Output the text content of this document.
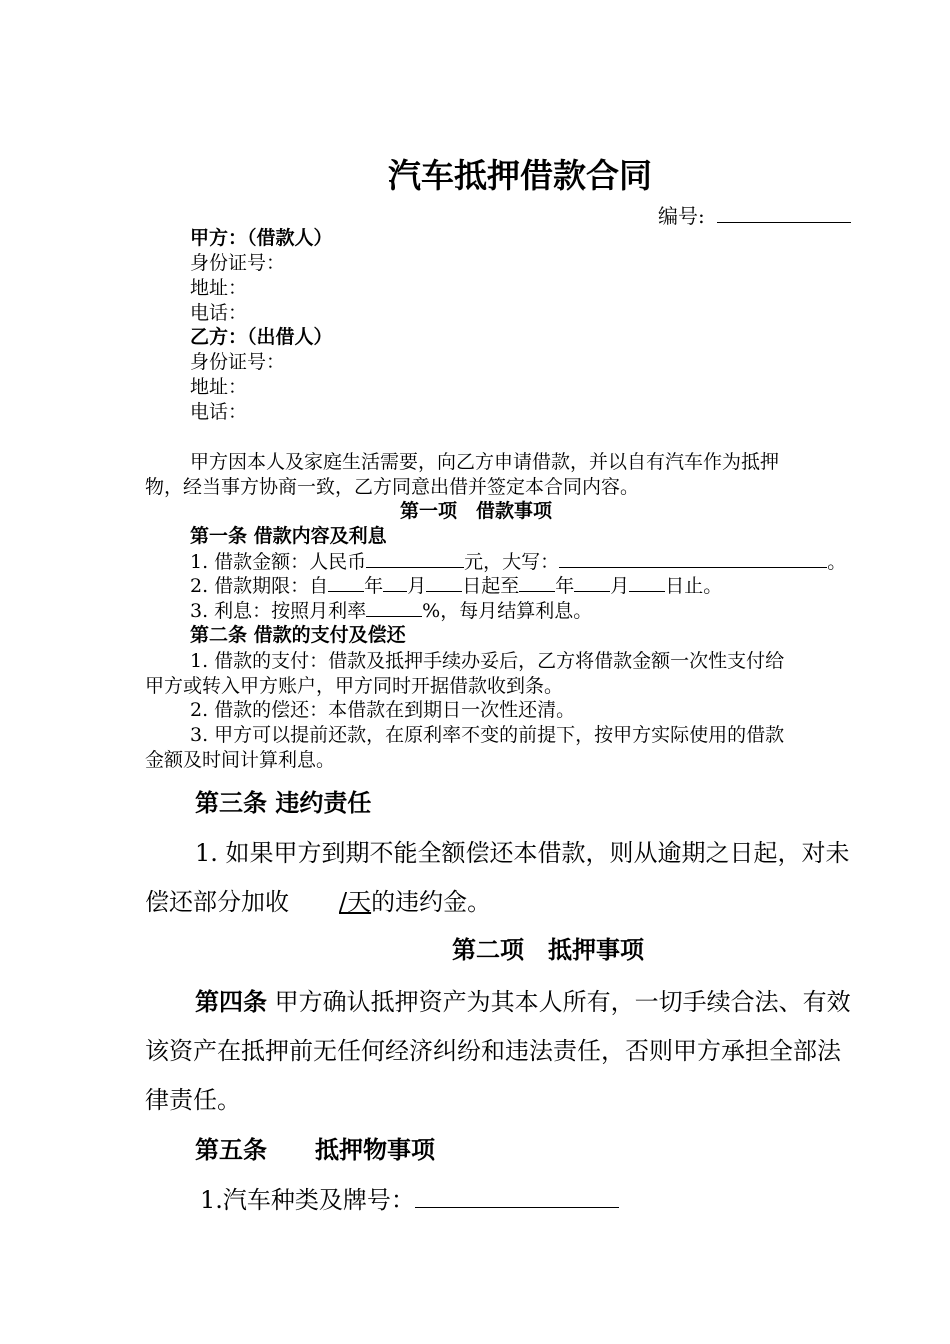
汽车抵押借款合同
编号:
甲方：（借款人）
身份证号：
地址：
电话：
乙方：（出借人）
身份证号：
地址：
电话：
甲方因本人及家庭生活需要，向乙方申请借款，并以自有汽车作为抵押
物，经当事方协商一致，乙方同意出借并签定本合同内容。
第一项　借款事项
第一条 借款内容及利息
1. 借款金额：人民币	元，大写：	。
2. 借款期限：自 年 月 日起至 年 月 日止。
3. 利息：按照月利率	%，每月结算利息。
第二条 借款的支付及偿还
1. 借款的支付：借款及抵押手续办妥后，乙方将借款金额一次性支付给
甲方或转入甲方账户，甲方同时开据借款收到条。
2. 借款的偿还：本借款在到期日一次性还清。
3. 甲方可以提前还款，在原利率不变的前提下，按甲方实际使用的借款
金额及时间计算利息。
第三条 违约责任
1. 如果甲方到期不能全额偿还本借款，则从逾期之日起，对未
偿还部分加收 /天的违约金。
第二项　抵押事项
第四条 甲方确认抵押资产为其本人所有，一切手续合法、有效
该资产在抵押前无任何经济纠纷和违法责任，否则甲方承担全部法
律责任。
第五条　　抵押物事项
1.汽车种类及牌号：
